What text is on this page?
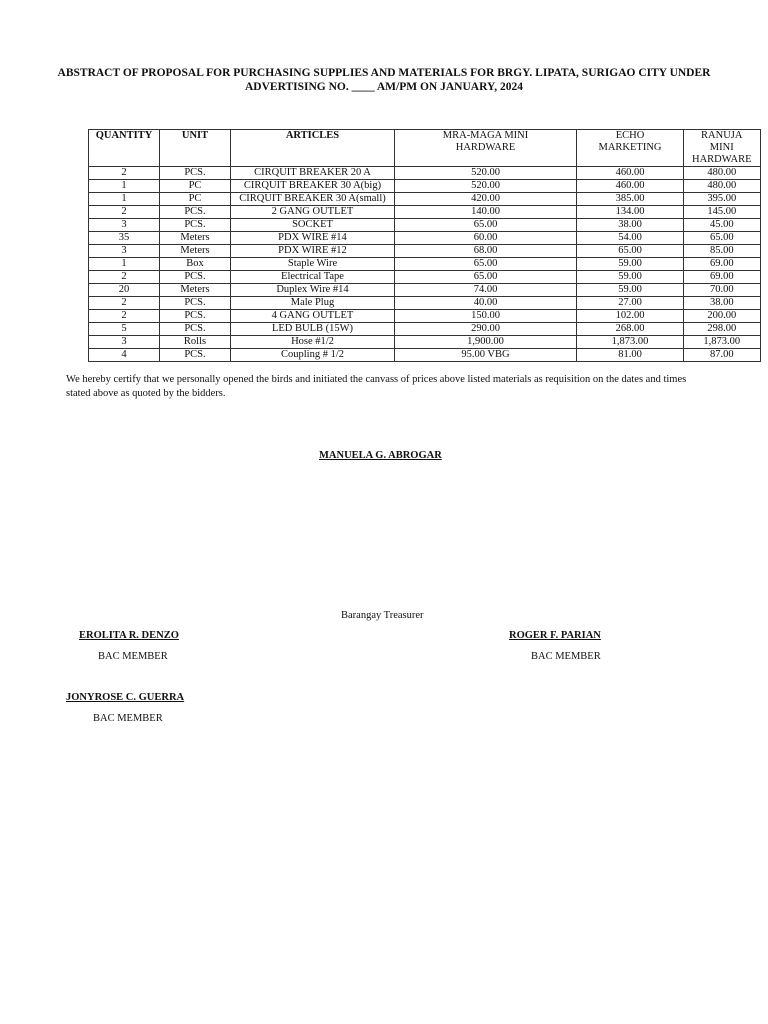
ABSTRACT OF PROPOSAL FOR PURCHASING SUPPLIES AND MATERIALS FOR BRGY. LIPATA, SURIGAO CITY UNDER
ADVERTISING NO. ____ AM/PM ON JANUARY, 2024
QUANTITY	UNIT	ARTICLES	MRA-MAGA MINI HARDWARE	ECHO MARKETING	RANUJA MINI HARDWARE
2	PCS.	CIRQUIT BREAKER 20 A	520.00	460.00	480.00
1	PC	CIRQUIT BREAKER 30 A(big)	520.00	460.00	480.00
1	PC	CIRQUIT BREAKER 30 A(small)	420.00	385.00	395.00
2	PCS.	2 GANG OUTLET	140.00	134.00	145.00
3	PCS.	SOCKET	65.00	38.00	45.00
35	Meters	PDX WIRE #14	60.00	54.00	65.00
3	Meters	PDX WIRE #12	68.00	65.00	85.00
1	Box	Staple Wire	65.00	59.00	69.00
2	PCS.	Electrical Tape	65.00	59.00	69.00
20	Meters	Duplex Wire #14	74.00	59.00	70.00
2	PCS.	Male Plug	40.00	27.00	38.00
2	PCS.	4 GANG OUTLET	150.00	102.00	200.00
5	PCS.	LED BULB (15W)	290.00	268.00	298.00
3	Rolls	Hose #1/2	1,900.00	1,873.00	1,873.00
4	PCS.	Coupling # 1/2	95.00 VBG	81.00	87.00
We hereby certify that we personally opened the birds and initiated the canvass of prices above listed materials as requisition on the dates and times stated above as quoted by the bidders.
MANUELA G. ABROGAR
Barangay Treasurer
EROLITA R. DENZO
BAC MEMBER
ROGER F. PARIAN
BAC MEMBER
JONYROSE C. GUERRA
BAC MEMBER
